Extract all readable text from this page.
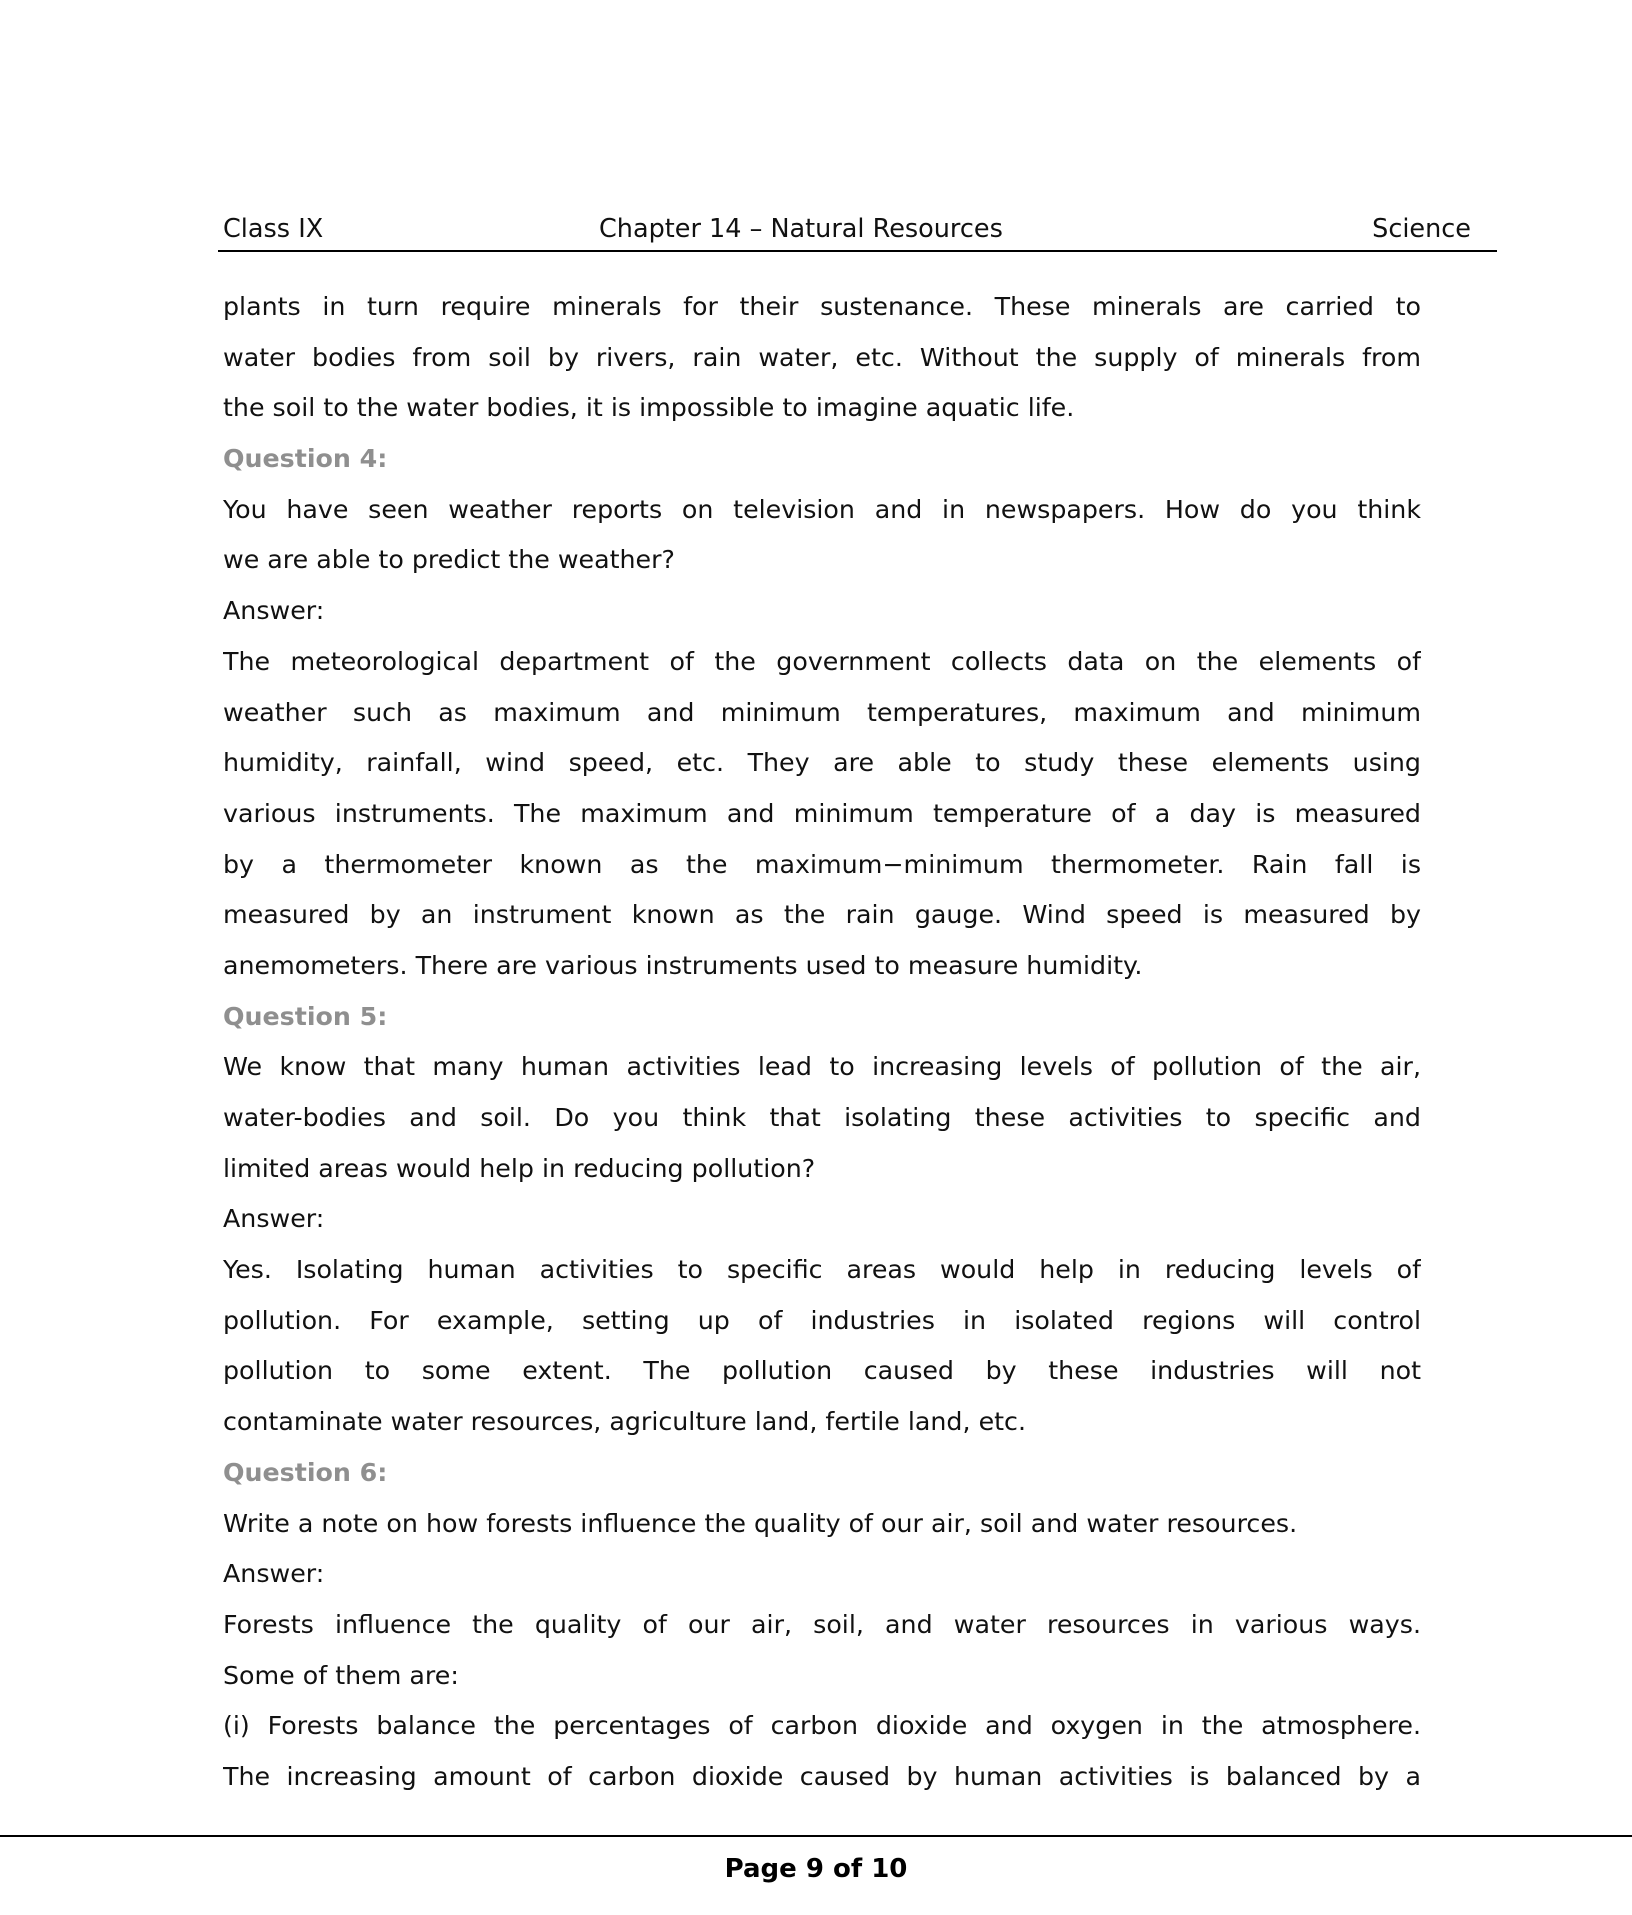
Class IX	Chapter 14 – Natural Resources	Science
plants in turn require minerals for their sustenance. These minerals are carried to
water bodies from soil by rivers, rain water, etc. Without the supply of minerals from
the soil to the water bodies, it is impossible to imagine aquatic life.
Question 4:
You have seen weather reports on television and in newspapers. How do you think
we are able to predict the weather?
Answer:
The meteorological department of the government collects data on the elements of
weather such as maximum and minimum temperatures, maximum and minimum
humidity, rainfall, wind speed, etc. They are able to study these elements using
various instruments. The maximum and minimum temperature of a day is measured
by a thermometer known as the maximum−minimum thermometer. Rain fall is
measured by an instrument known as the rain gauge. Wind speed is measured by
anemometers. There are various instruments used to measure humidity.
Question 5:
We know that many human activities lead to increasing levels of pollution of the air,
water-bodies and soil. Do you think that isolating these activities to specific and
limited areas would help in reducing pollution?
Answer:
Yes. Isolating human activities to specific areas would help in reducing levels of
pollution. For example, setting up of industries in isolated regions will control
pollution to some extent. The pollution caused by these industries will not
contaminate water resources, agriculture land, fertile land, etc.
Question 6:
Write a note on how forests influence the quality of our air, soil and water resources.
Answer:
Forests influence the quality of our air, soil, and water resources in various ways.
Some of them are:
(i) Forests balance the percentages of carbon dioxide and oxygen in the atmosphere.
The increasing amount of carbon dioxide caused by human activities is balanced by a
Page 9 of 10
